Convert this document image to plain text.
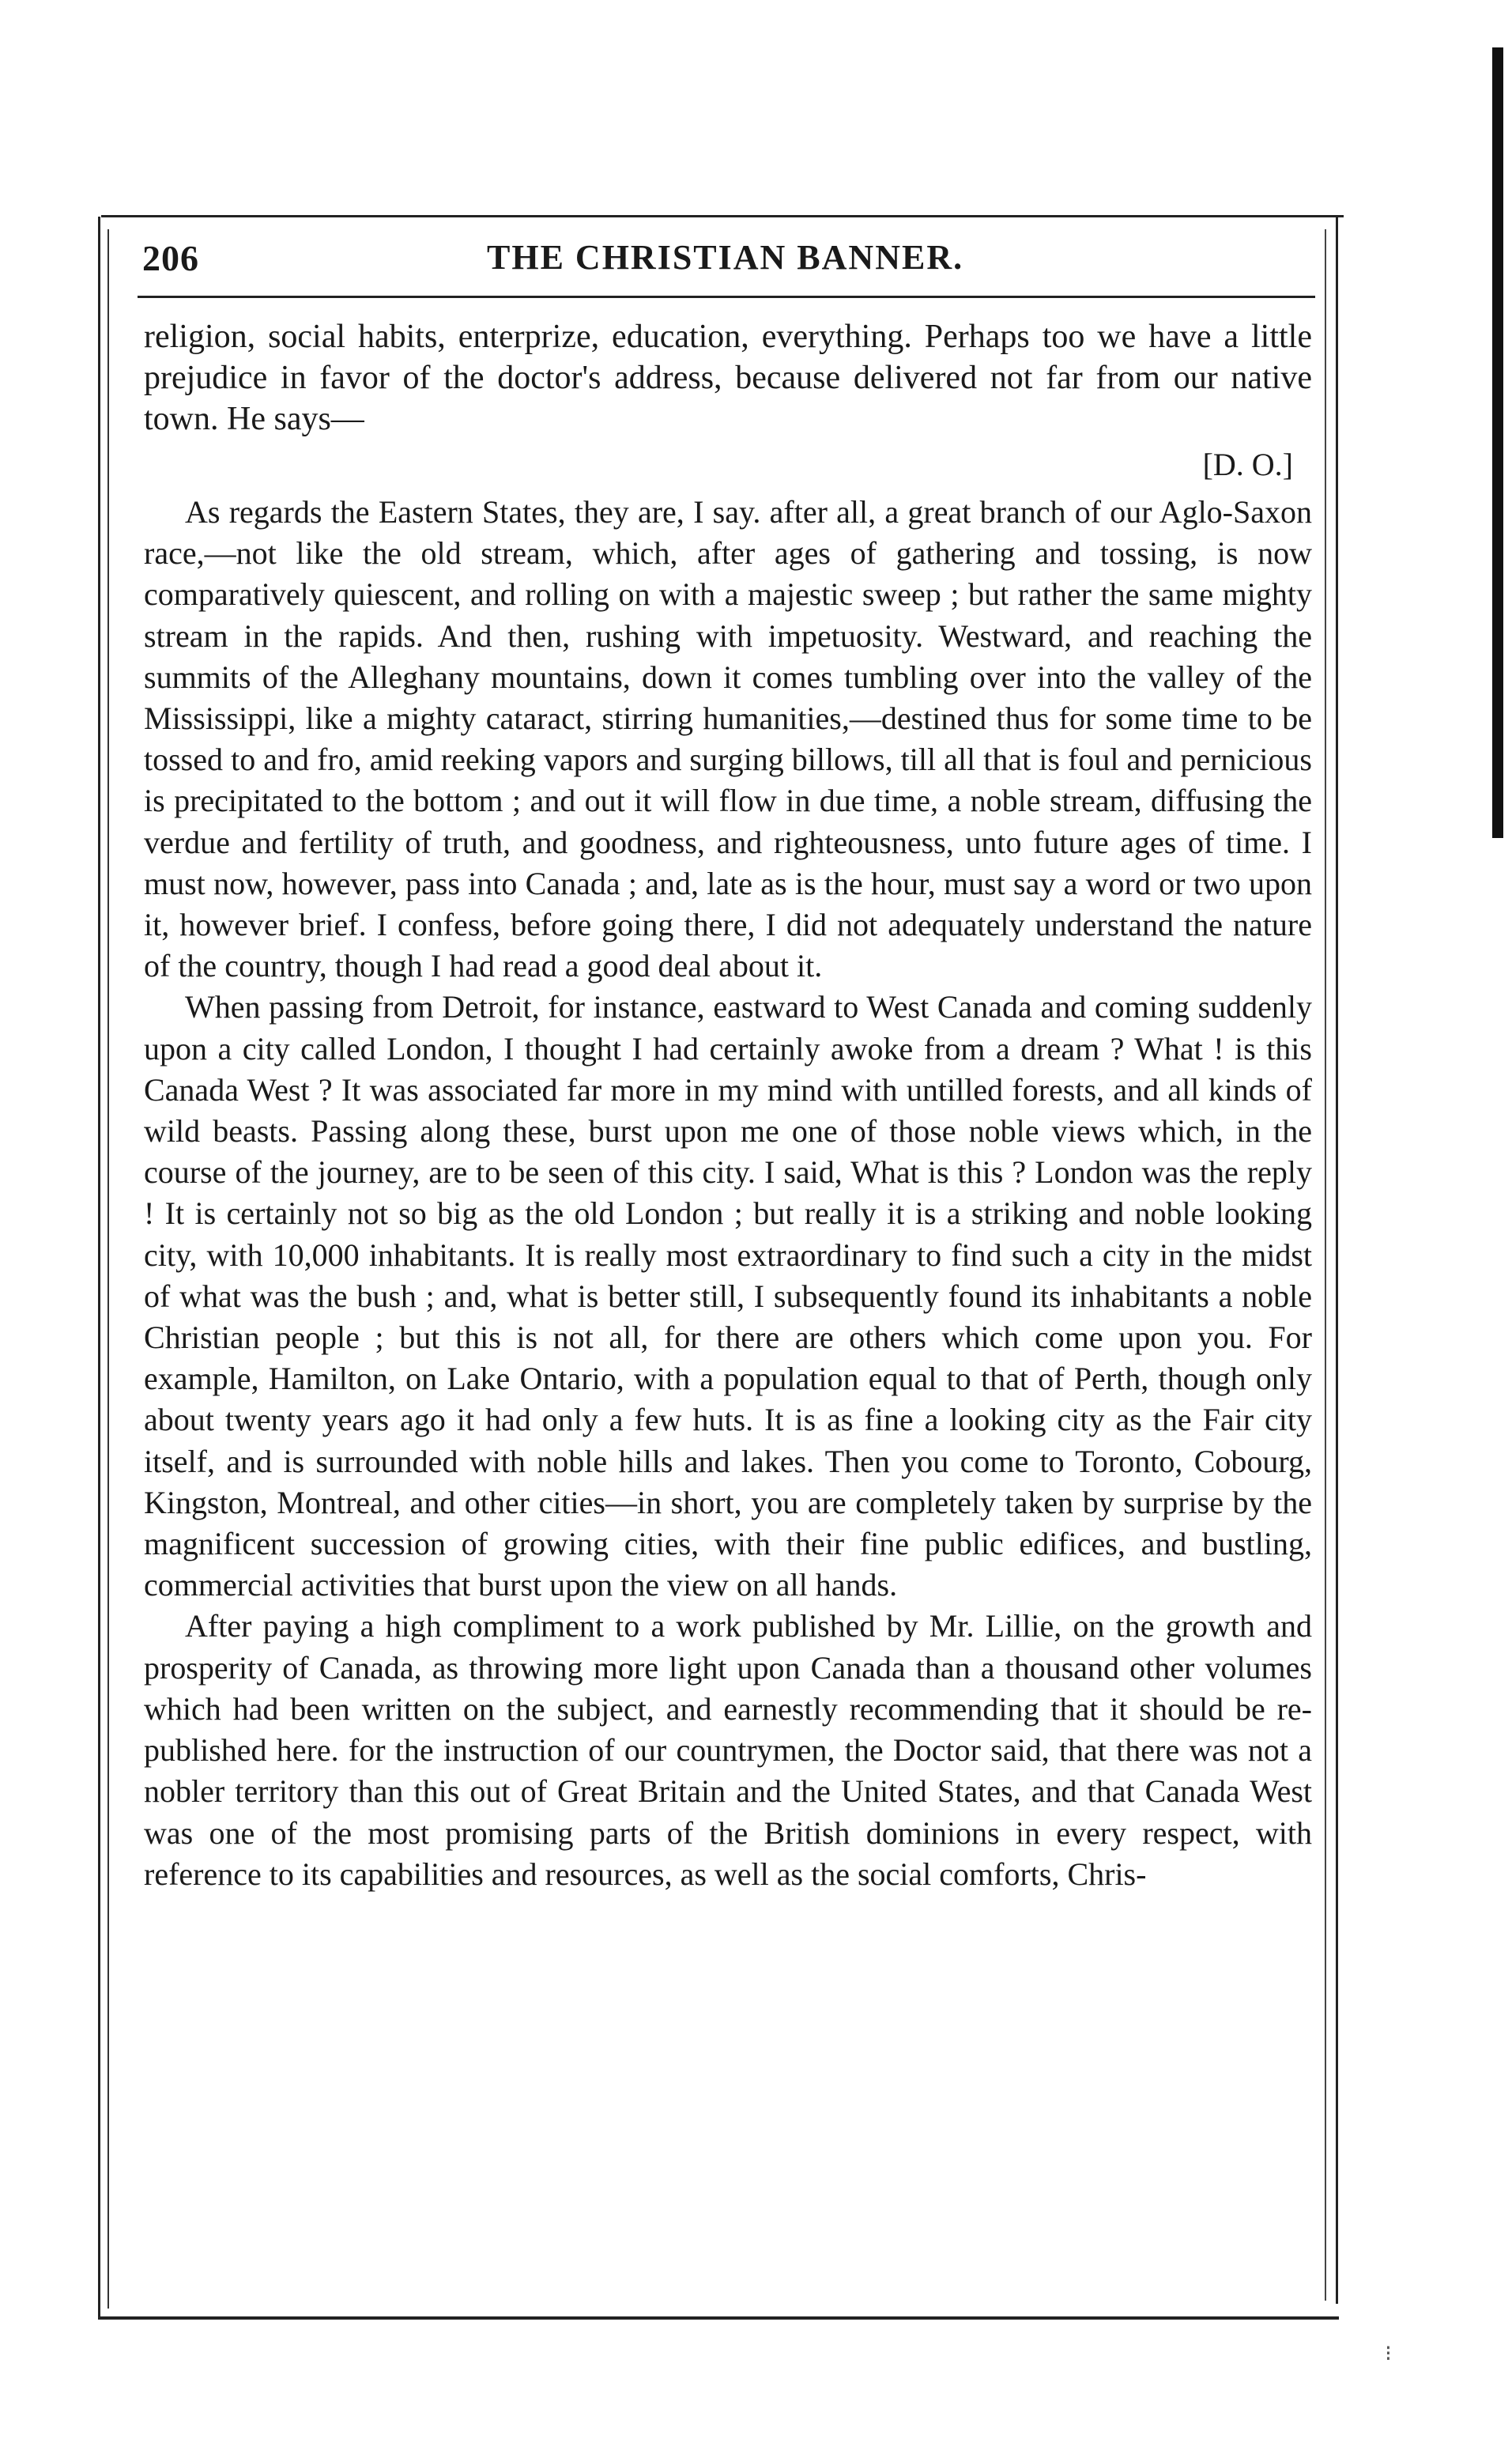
206	THE CHRISTIAN BANNER.

religion, social habits, enterprize, education, everything. Perhaps too we have a little prejudice in favor of the doctor's address, because delivered not far from our native town. He says—

[D. O.]

As regards the Eastern States, they are, I say. after all, a great branch of our Aglo-Saxon race,—not like the old stream, which, after ages of gathering and tossing, is now comparatively quiescent, and rolling on with a majestic sweep ; but rather the same mighty stream in the rapids. And then, rushing with impetuosity. Westward, and reaching the summits of the Alleghany mountains, down it comes tumbling over into the valley of the Mississippi, like a mighty cataract, stirring humanities,—destined thus for some time to be tossed to and fro, amid reeking vapors and surging billows, till all that is foul and pernicious is precipitated to the bottom ; and out it will flow in due time, a noble stream, diffusing the verdue and fertility of truth, and goodness, and righteousness, unto future ages of time. I must now, however, pass into Canada ; and, late as is the hour, must say a word or two upon it, however brief. I confess, before going there, I did not adequately understand the nature of the country, though I had read a good deal about it.

When passing from Detroit, for instance, eastward to West Canada and coming suddenly upon a city called London, I thought I had certainly awoke from a dream ? What ! is this Canada West ? It was associated far more in my mind with untilled forests, and all kinds of wild beasts. Passing along these, burst upon me one of those noble views which, in the course of the journey, are to be seen of this city. I said, What is this ? London was the reply ! It is certainly not so big as the old London ; but really it is a striking and noble looking city, with 10,000 inhabitants. It is really most extraordinary to find such a city in the midst of what was the bush ; and, what is better still, I subsequently found its inhabitants a noble Christian people ; but this is not all, for there are others which come upon you. For example, Hamilton, on Lake Ontario, with a population equal to that of Perth, though only about twenty years ago it had only a few huts. It is as fine a looking city as the Fair city itself, and is surrounded with noble hills and lakes. Then you come to Toronto, Cobourg, Kingston, Montreal, and other cities—in short, you are completely taken by surprise by the magnificent succession of growing cities, with their fine public edifices, and bustling, commercial activities that burst upon the view on all hands.

After paying a high compliment to a work published by Mr. Lillie, on the growth and prosperity of Canada, as throwing more light upon Canada than a thousand other volumes which had been written on the subject, and earnestly recommending that it should be re-published here. for the instruction of our countrymen, the Doctor said, that there was not a nobler territory than this out of Great Britain and the United States, and that Canada West was one of the most promising parts of the British dominions in every respect, with reference to its capabilities and resources, as well as the social comforts, Chris-

⁝
